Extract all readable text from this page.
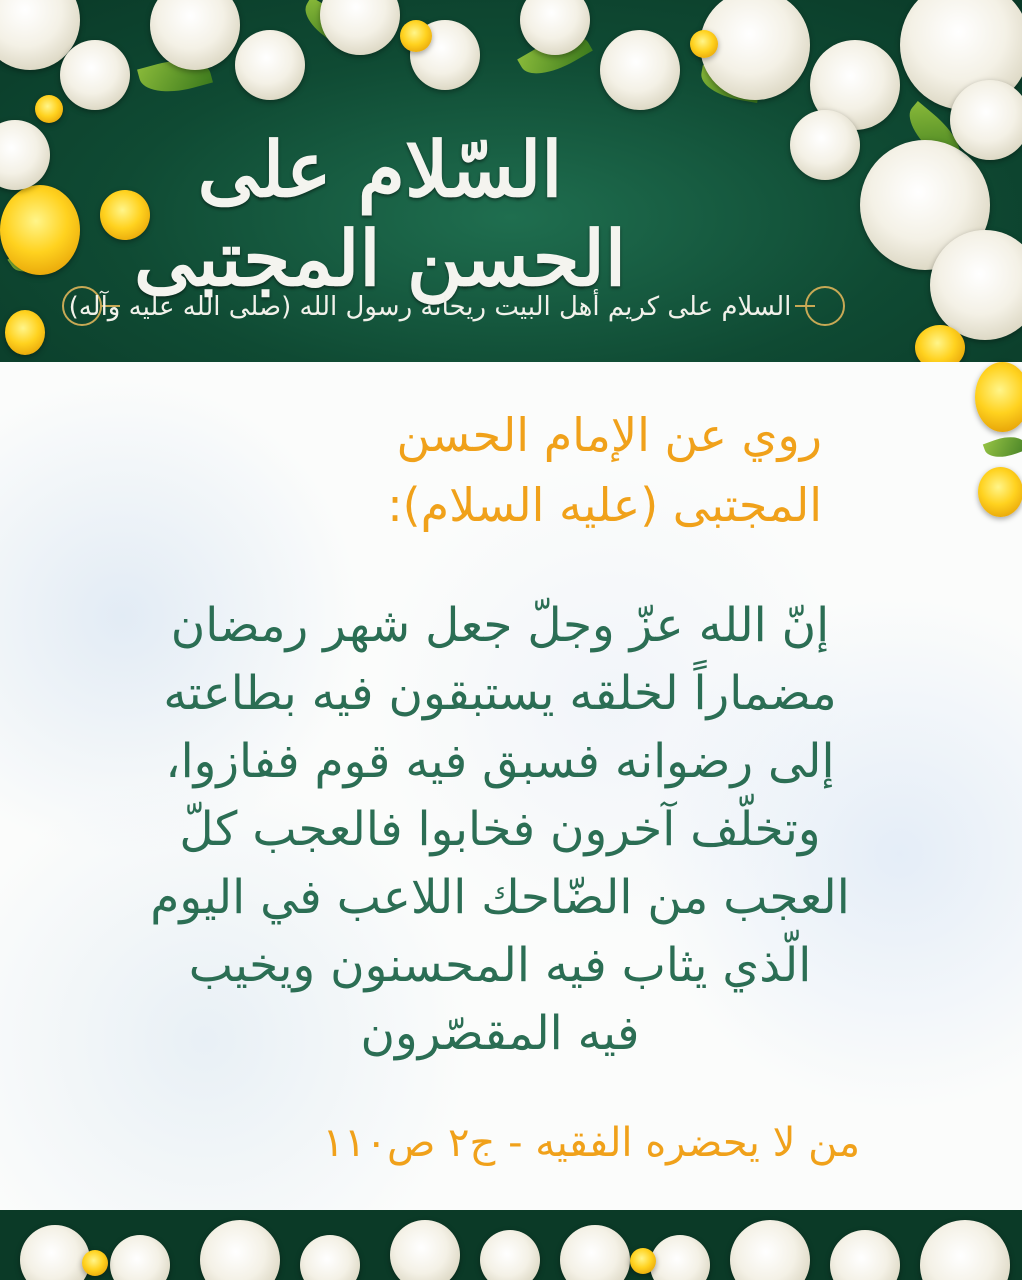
السّلام على الحسن المجتبى
السلام على كريم أهل البيت ريحانة رسول الله (صلى الله عليه وآله)
روي عن الإمام الحسن
المجتبى (عليه السلام):
إنّ الله عزّ وجلّ جعل شهر رمضان
مضماراً لخلقه يستبقون فيه بطاعته
إلى رضوانه فسبق فيه قوم ففازوا،
وتخلّف آخرون فخابوا فالعجب كلّ
العجب من الضّاحك اللاعب في اليوم
الّذي يثاب فيه المحسنون ويخيب
فيه المقصّرون
من لا يحضره الفقيه - ج٢ ص١١٠
